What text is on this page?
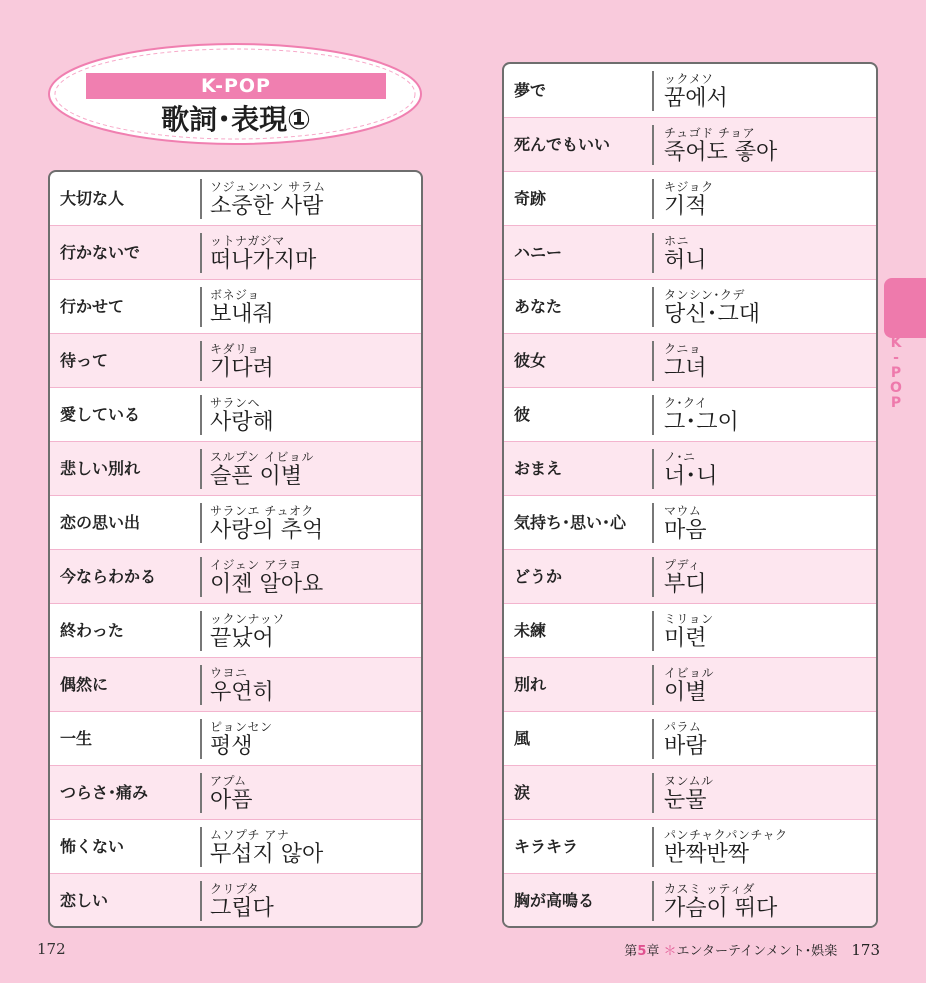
K-POP
歌詞･表現①
大切な人
ソジュンハン サラム
소중한 사람
行かないで
ットナガジマ
떠나가지마
行かせて
ボネジョ
보내줘
待って
キダリョ
기다려
愛している
サランヘ
사랑해
悲しい別れ
スルプン イビョル
슬픈 이별
恋の思い出
サランエ チュオク
사랑의 추억
今ならわかる
イジェン アラヨ
이젠 알아요
終わった
ックンナッソ
끝났어
偶然に
ウヨニ
우연히
一生
ピョンセン
평생
つらさ･痛み
アプム
아픔
怖くない
ムソプチ アナ
무섭지 않아
恋しい
クリプタ
그립다
夢で
ックメソ
꿈에서
死んでもいい
チュゴド チョア
죽어도 좋아
奇跡
キジョク
기적
ハニー
ホニ
허니
あなた
タンシン･クデ
당신･그대
彼女
クニョ
그녀
彼
ク･クイ
그･그이
おまえ
ノ･ニ
너･니
気持ち･思い･心
マウム
마음
どうか
プディ
부디
未練
ミリョン
미련
別れ
イビョル
이별
風
パラム
바람
涙
ヌンムル
눈물
キラキラ
パンチャクパンチャク
반짝반짝
胸が高鳴る
カスミ ッティダ
가슴이 뛰다
K
-
P
O
P
172	第5章 ＊エンターテインメント･娯楽 173
